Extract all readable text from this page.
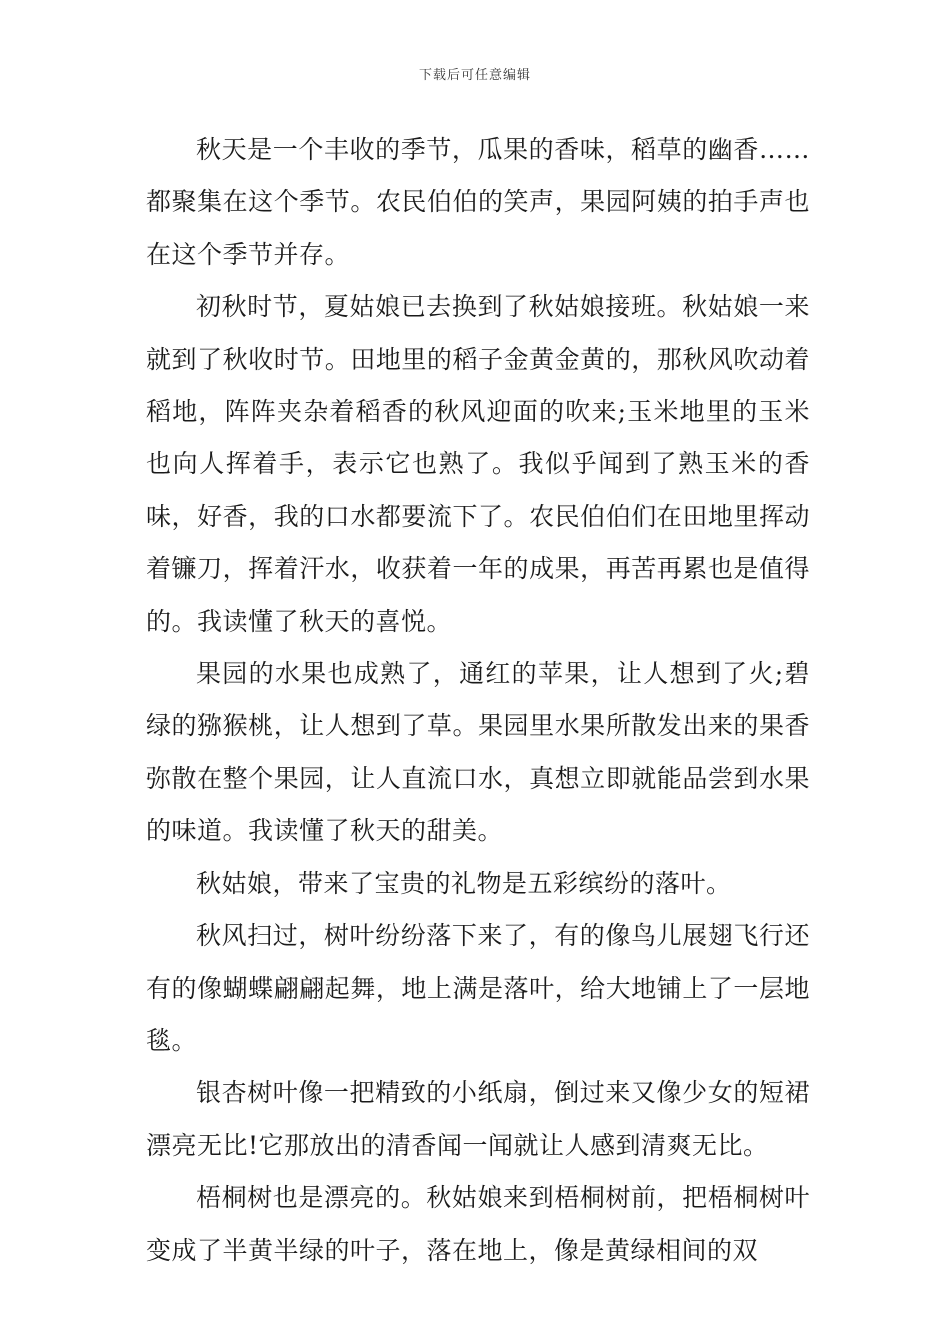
下载后可任意编辑

秋天是一个丰收的季节，瓜果的香味，稻草的幽香……都聚集在这个季节。农民伯伯的笑声，果园阿姨的拍手声也在这个季节并存。

初秋时节，夏姑娘已去换到了秋姑娘接班。秋姑娘一来就到了秋收时节。田地里的稻子金黄金黄的，那秋风吹动着稻地，阵阵夹杂着稻香的秋风迎面的吹来;玉米地里的玉米也向人挥着手，表示它也熟了。我似乎闻到了熟玉米的香味，好香，我的口水都要流下了。农民伯伯们在田地里挥动着镰刀，挥着汗水，收获着一年的成果，再苦再累也是值得的。我读懂了秋天的喜悦。

果园的水果也成熟了，通红的苹果，让人想到了火;碧绿的猕猴桃，让人想到了草。果园里水果所散发出来的果香弥散在整个果园，让人直流口水，真想立即就能品尝到水果的味道。我读懂了秋天的甜美。

秋姑娘，带来了宝贵的礼物是五彩缤纷的落叶。

秋风扫过，树叶纷纷落下来了，有的像鸟儿展翅飞行还有的像蝴蝶翩翩起舞，地上满是落叶，给大地铺上了一层地毯。

银杏树叶像一把精致的小纸扇，倒过来又像少女的短裙漂亮无比!它那放出的清香闻一闻就让人感到清爽无比。

梧桐树也是漂亮的。秋姑娘来到梧桐树前，把梧桐树叶变成了半黄半绿的叶子，落在地上，像是黄绿相间的双
